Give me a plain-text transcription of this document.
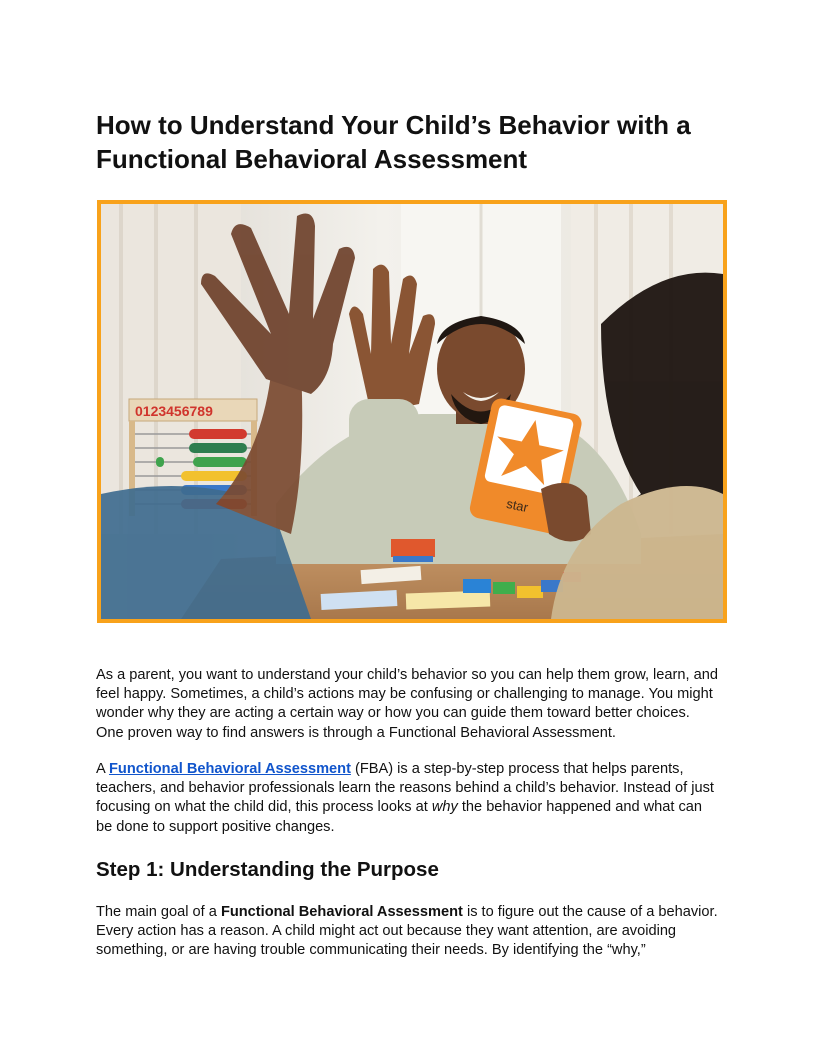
How to Understand Your Child’s Behavior with a Functional Behavioral Assessment
0123456789
star

As a parent, you want to understand your child’s behavior so you can help them grow, learn, and feel happy. Sometimes, a child’s actions may be confusing or challenging to manage. You might wonder why they are acting a certain way or how you can guide them toward better choices. One proven way to find answers is through a Functional Behavioral Assessment.

A Functional Behavioral Assessment (FBA) is a step-by-step process that helps parents, teachers, and behavior professionals learn the reasons behind a child’s behavior. Instead of just focusing on what the child did, this process looks at why the behavior happened and what can be done to support positive changes.

Step 1: Understanding the Purpose

The main goal of a Functional Behavioral Assessment is to figure out the cause of a behavior. Every action has a reason. A child might act out because they want attention, are avoiding something, or are having trouble communicating their needs. By identifying the “why,”
